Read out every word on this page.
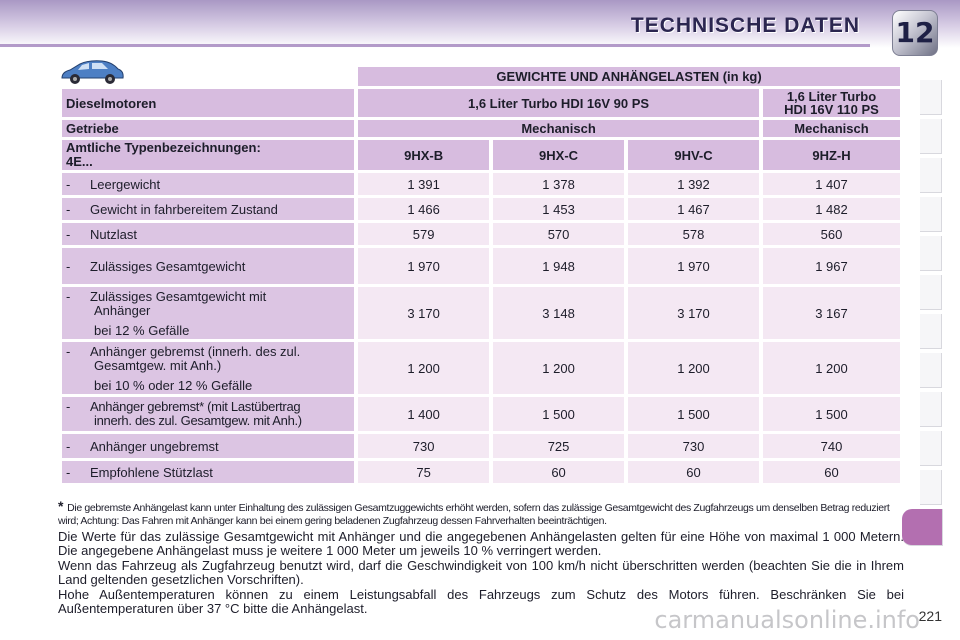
TECHNISCHE DATEN 12
	GEWICHTE UND ANHÄNGELASTEN (in kg)			
Dieselmotoren	1,6 Liter Turbo HDI 16V 90 PS			1,6 Liter Turbo
HDI 16V 110 PS
Getriebe	Mechanisch			Mechanisch
Amtliche Typenbezeichnungen:
4E...	9HX-B	9HX-C	9HV-C	9HZ-H
- Leergewicht	1 391	1 378	1 392	1 407
- Gewicht in fahrbereitem Zustand	1 466	1 453	1 467	1 482
- Nutzlast	579	570	578	560
- Zulässiges Gesamtgewicht	1 970	1 948	1 970	1 967

- Zulässiges Gesamtgewicht mit

Anhänger
bei 12 % Gefälle	3 170	3 148	3 170	3 167

- Anhänger gebremst (innerh. des zul.

Gesamtgew. mit Anh.)
bei 10 % oder 12 % Gefälle	1 200	1 200	1 200	1 200

- Anhänger gebremst* (mit Lastübertrag

innerh. des zul. Gesamtgew. mit Anh.)	1 400	1 500	1 500	1 500
- Anhänger ungebremst	730	725	730	740
- Empfohlene Stützlast	75	60	60	60
* Die gebremste Anhängelast kann unter Einhaltung des zulässigen Gesamtzuggewichts erhöht werden, sofern das zulässige Gesamtgewicht des Zugfahrzeugs um denselben Betrag reduziert wird; Achtung: Das Fahren mit Anhänger kann bei einem gering beladenen Zugfahrzeug dessen Fahrverhalten beeinträchtigen.
Die Werte für das zulässige Gesamtgewicht mit Anhänger und die angegebenen Anhängelasten gelten für eine Höhe von maximal 1 000 Metern. Die angegebene Anhängelast muss je weitere 1 000 Meter um jeweils 10 % verringert werden.
Wenn das Fahrzeug als Zugfahrzeug benutzt wird, darf die Geschwindigkeit von 100 km/h nicht überschritten werden (beachten Sie die in Ihrem Land geltenden gesetzlichen Vorschriften).
Hohe Außentemperaturen können zu einem Leistungsabfall des Fahrzeugs zum Schutz des Motors führen. Beschränken Sie bei Außentemperaturen über 37 °C bitte die Anhängelast.	carmanualsonline.info
221
